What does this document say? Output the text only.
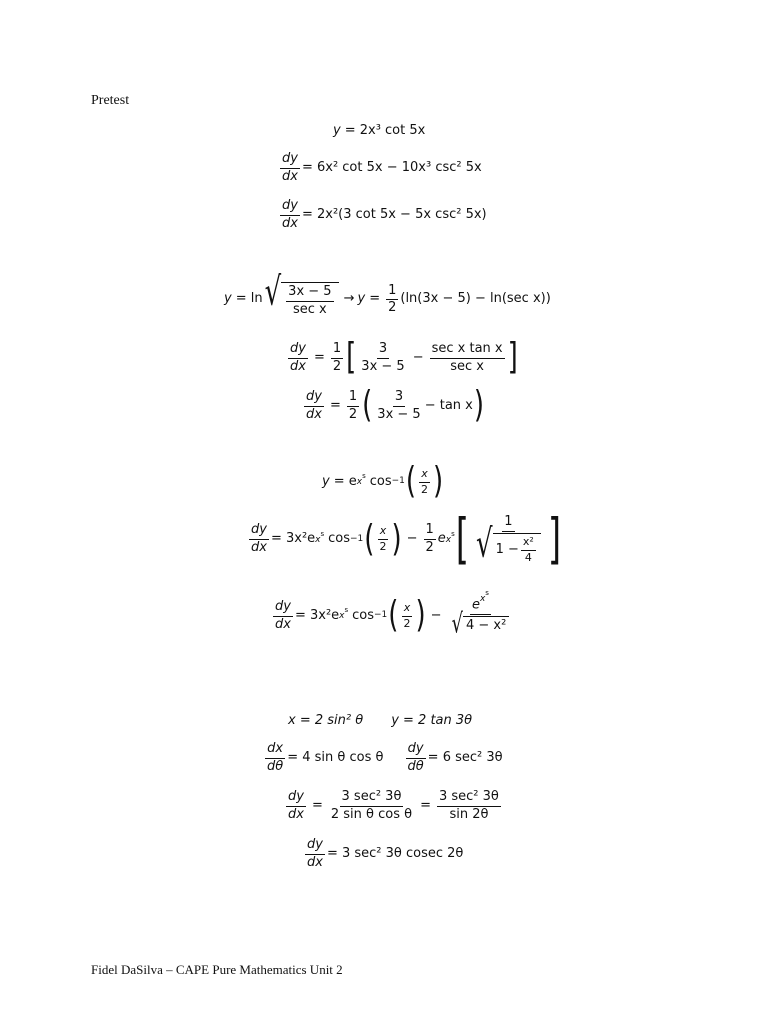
Pretest
y = 2x³ cot 5x
$\frac{dy}{dx} = 6x^2$ cot 5x − 10x³ csc² 5x
$\frac{dy}{dx} = 2x^2(3$ cot 5x − 5x csc² 5x)
y = ln √ $\frac{3x - 5}{\text{sec x}} \to y = \frac{1}{2} (\ln(3x - 5) - \ln(\sec$ x))
$\frac{dy}{dx} = \frac{1}{2}$ [ $\frac{3}{3x - 5} - \frac{\text{sec x tan x}}{\text{sec x}}$ ]
$\frac{dy}{dx} = \frac{1}{2}$ ( $\frac{3}{3x - 5} - \tan x$ )
y = e xs $\cos^{-1}$ ( $\frac{x}{2}$ )
$\frac{dy}{dx} = 3x^2e$ xs $\cos^{-1}$ ( $\frac{x}{2}$ ) − $\frac{1}{2}$ e xs [	1
√ $1 - \frac{\text{x²}}{4}$ ]
$\frac{dy}{dx} = 3x^2e$ xs $\cos^{-1}$ ( $\frac{x}{2}$ ) − $\frac{\text{exs}}{\text{√ 4 − x²}}$
x = 2 sin² θ y = 2 tan 3θ
$\frac{dx}{d\theta} = 4$ sin θ cos θ $\frac{dy}{d\theta} = 6$ sec² 3θ
$\frac{dy}{dx} = \frac{\text{3 sec² 3θ}}{\text{2 sin θ cos θ}} = \frac{\text{3 sec² 3θ}}{\sin 2\theta}$
$\frac{dy}{dx} = 3$ sec² 3θ cosec 2θ
Fidel DaSilva – CAPE Pure Mathematics Unit 2
